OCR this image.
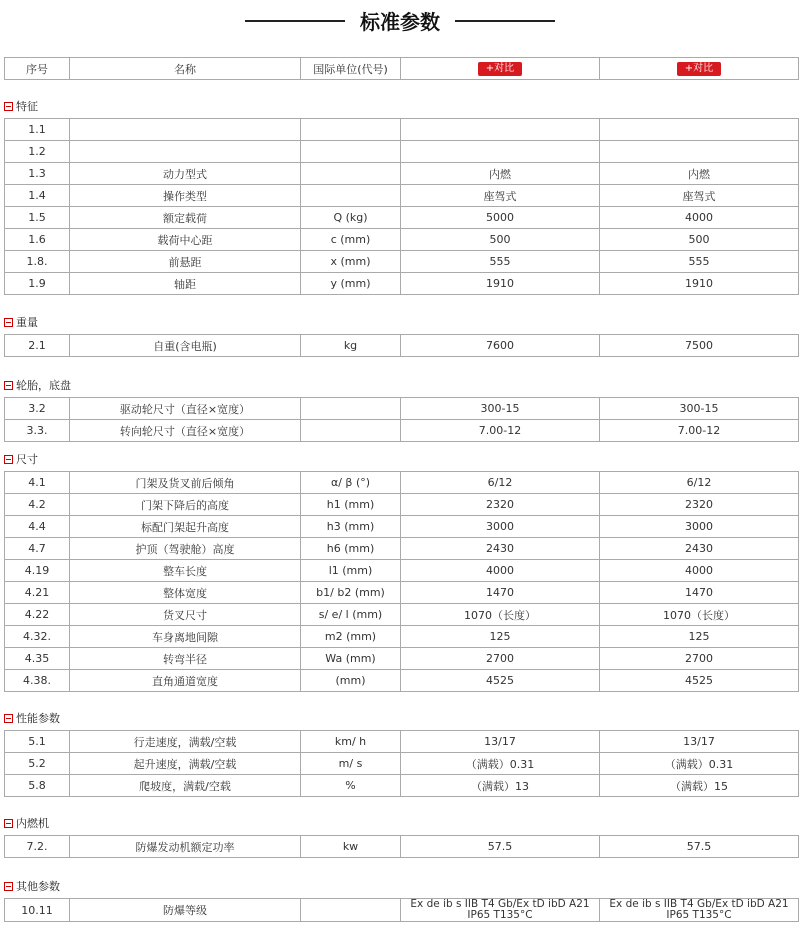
标准参数
序号	名称	国际单位(代号)	+对比	+对比
特征
1.1				
1.2				
1.3	动力型式		内燃	内燃
1.4	操作类型		座驾式	座驾式
1.5	额定载荷	Q (kg)	5000	4000
1.6	载荷中心距	c (mm)	500	500
1.8.	前悬距	x (mm)	555	555
1.9	轴距	y (mm)	1910	1910
重量
2.1	自重(含电瓶)	kg	7600	7500
轮胎，底盘
3.2	驱动轮尺寸（直径×宽度）		300-15	300-15
3.3.	转向轮尺寸（直径×宽度）		7.00-12	7.00-12
尺寸
4.1	门架及货叉前后倾角	α/ β (°)	6/12	6/12
4.2	门架下降后的高度	h1 (mm)	2320	2320
4.4	标配门架起升高度	h3 (mm)	3000	3000
4.7	护顶（驾驶舱）高度	h6 (mm)	2430	2430
4.19	整车长度	l1 (mm)	4000	4000
4.21	整体宽度	b1/ b2 (mm)	1470	1470
4.22	货叉尺寸	s/ e/ l (mm)	1070（长度）	1070（长度）
4.32.	车身离地间隙	m2 (mm)	125	125
4.35	转弯半径	Wa (mm)	2700	2700
4.38.	直角通道宽度	(mm)	4525	4525
性能参数
5.1	行走速度，满载/空载	km/ h	13/17	13/17
5.2	起升速度，满载/空载	m/ s	（满载）0.31	（满载）0.31
5.8	爬坡度，满载/空载	%	（满载）13	（满载）15
内燃机
7.2.	防爆发动机额定功率	kw	57.5	57.5
其他参数
10.11	防爆等级		Ex de ib s IIB T4 Gb/Ex tD ibD A21 IP65 T135°C	Ex de ib s IIB T4 Gb/Ex tD ibD A21 IP65 T135°C
